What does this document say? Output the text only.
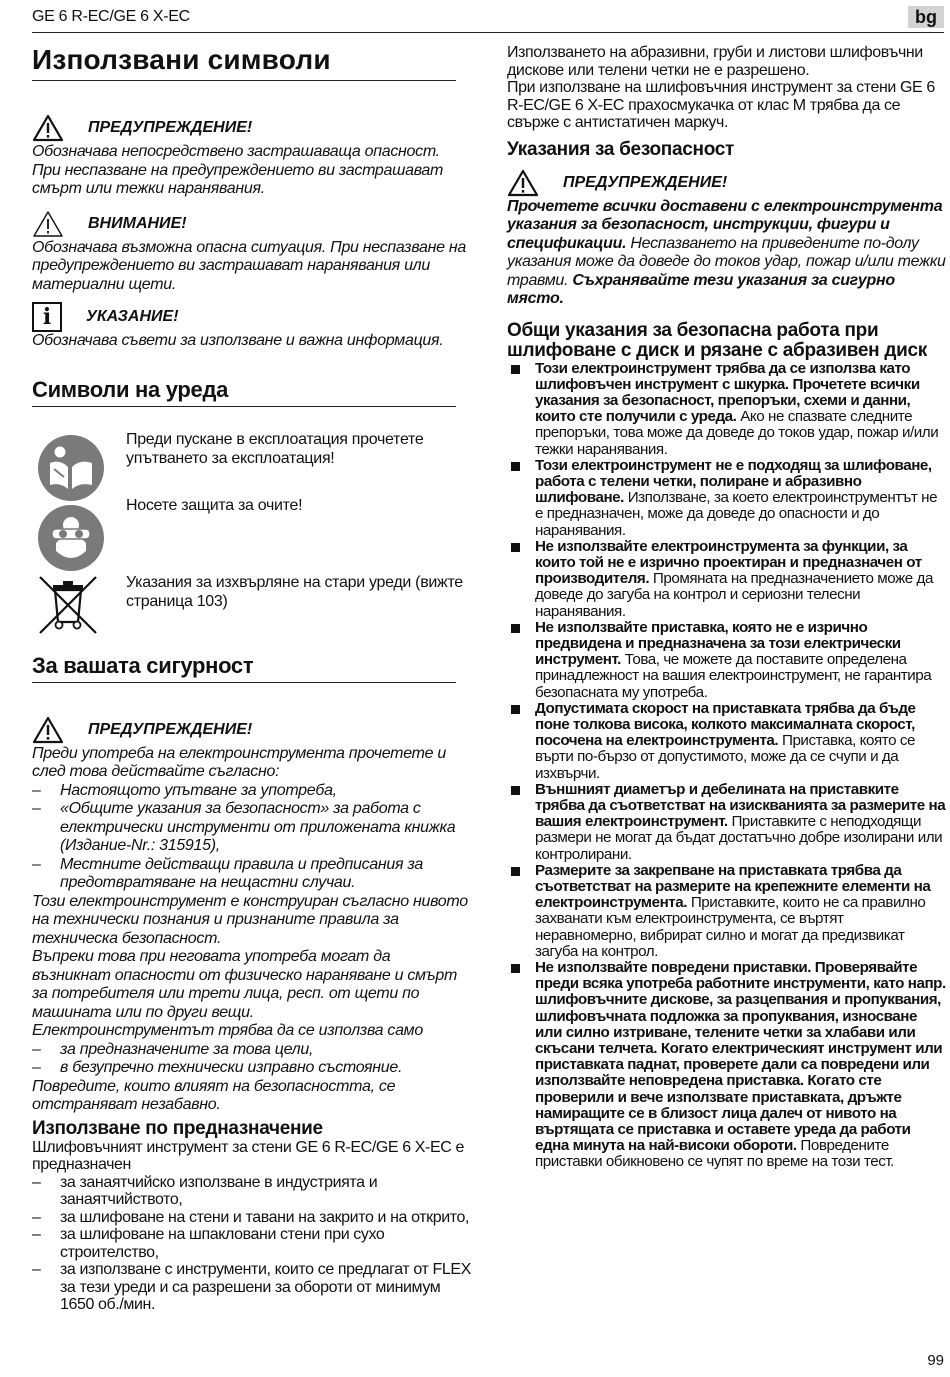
GE 6 R-EC/GE 6 X-EC	bg
Използвани символи
ПРЕДУПРЕЖДЕНИЕ!
Обозначава непосредствено застрашаваща опасност. При неспазване на предупреждението ви застрашават смърт или тежки наранявания.
ВНИМАНИЕ!
Обозначава възможна опасна ситуация. При неспазване на предупреждението ви застрашават наранявания или материални щети.
i	УКАЗАНИЕ!
Обозначава съвети за използване и важна информация.
Символи на уреда
Преди пускане в експлоатация прочетете упътването за експлоатация!
Носете защита за очите!
Указания за изхвърляне на стари уреди (вижте страница 103)
За вашата сигурност
ПРЕДУПРЕЖДЕНИЕ!
Преди употреба на електроинструмента прочетете и след това действайте съгласно:
– Настоящото упътване за употреба,
– «Общите указания за безопасност» за работа с електрически инструменти от приложената книжка (Издание-Nr.: 315915),
– Местните действащи правила и предписания за предотвратяване на нещастни случаи.
Този електроинструмент е конструиран съгласно нивото на технически познания и признаните правила за техническа безопасност.
Въпреки това при неговата употреба могат да възникнат опасности от физическо нараняване и смърт за потребителя или трети лица, респ. от щети по машината или по други вещи.
Електроинструментът трябва да се използва само
– за предназначените за това цели,
– в безупречно технически изправно състояние.
Повредите, които влияят на безопасността, се отстраняват незабавно.
Използване по предназначение
Шлифовъчният инструмент за стени GE 6 R-EC/GE 6 X-EC е предназначен
– за занаятчийско използване в индустрията и занаятчийството,
– за шлифоване на стени и тавани на закрито и на открито,
– за шлифоване на шпакловани стени при сухо строителство,
– за използване с инструменти, които се предлагат от FLEX за тези уреди и са разрешени за обороти от минимум 1650 об./мин.
Използването на абразивни, груби и листови шлифовъчни дискове или телени четки не е разрешено.
При използване на шлифовъчния инструмент за стени GE 6 R-EC/GE 6 X-EC прахосмукачка от клас M трябва да се свърже с антистатичен маркуч.
Указания за безопасност
ПРЕДУПРЕЖДЕНИЕ!
Прочетете всички доставени с електроинструмента указания за безопасност, инструкции, фигури и спецификации. Неспазването на приведените по-долу указания може да доведе до токов удар, пожар и/или тежки травми. Съхранявайте тези указания за сигурно място.
Общи указания за безопасна работа при
шлифоване с диск и рязане с абразивен диск
Този електроинструмент трябва да се използва като шлифовъчен инструмент с шкурка. Прочетете всички указания за безопасност, препоръки, схеми и данни, които сте получили с уреда. Ако не спазвате следните препоръки, това може да доведе до токов удар, пожар и/или тежки наранявания.
Този електроинструмент не е подходящ за шлифоване, работа с телени четки, полиране и абразивно шлифоване. Използване, за което електроинструментът не е предназначен, може да доведе до опасности и до наранявания.
Не използвайте електроинструмента за функции, за които той не е изрично проектиран и предназначен от производителя. Промяната на предназначението може да доведе до загуба на контрол и сериозни телесни наранявания.
Не използвайте приставка, която не е изрично предвидена и предназначена за този електрически инструмент. Това, че можете да поставите определена принадлежност на вашия електроинструмент, не гарантира безопасната му употреба.
Допустимата скорост на приставката трябва да бъде поне толкова висока, колкото максималната скорост, посочена на електроинструмента. Приставка, която се върти по-бързо от допустимото, може да се счупи и да изхвърчи.
Външният диаметър и дебелината на приставките трябва да съответстват на изискванията за размерите на вашия електроинструмент. Приставките с неподходящи размери не могат да бъдат достатъчно добре изолирани или контролирани.
Размерите за закрепване на приставката трябва да съответстват на размерите на крепежните елементи на електроинструмента. Приставките, които не са правилно захванати към електроинструмента, се въртят неравномерно, вибрират силно и могат да предизвикат загуба на контрол.
Не използвайте повредени приставки. Проверявайте преди всяка употреба работните инструменти, като напр. шлифовъчните дискове, за разцепвания и пропуквания, шлифовъчната подложка за пропуквания, износване или силно изтриване, телените четки за хлабави или скъсани телчета. Когато електрическият инструмент или приставката паднат, проверете дали са повредени или използвайте неповредена приставка. Когато сте проверили и вече използвате приставката, дръжте намиращите се в близост лица далеч от нивото на въртящата се приставка и оставете уреда да работи една минута на най-високи обороти. Повредените приставки обикновено се чупят по време на този тест.
99
